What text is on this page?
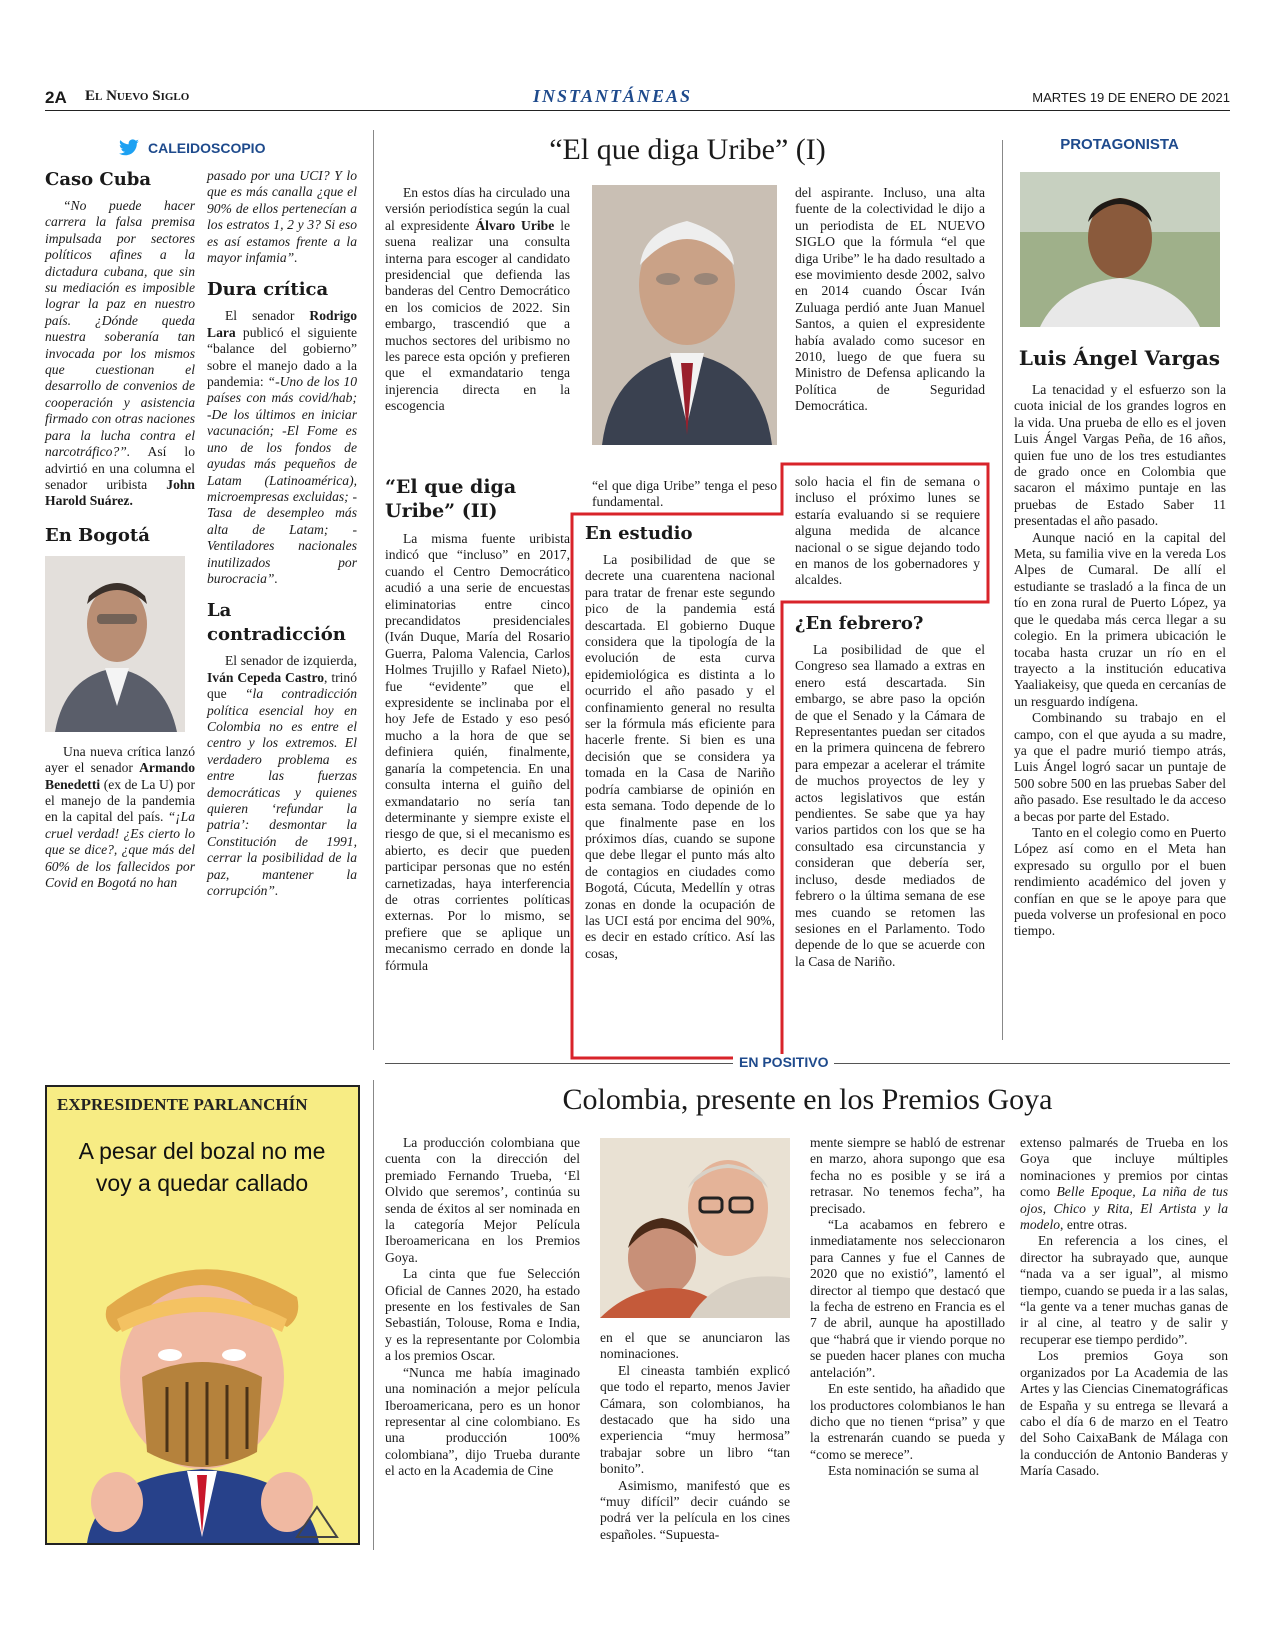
2A El Nuevo Siglo	INSTANTÁNEAS	MARTES 19 DE ENERO DE 2021
CALEIDOSCOPIO
Caso Cuba

“No puede hacer carrera la falsa premisa impulsada por sectores políticos afines a la dictadura cubana, que sin su mediación es imposible lograr la paz en nuestro país. ¿Dónde queda nuestra soberanía tan invocada por los mismos que cuestionan el desarrollo de convenios de cooperación y asistencia firmado con otras naciones para la lucha contra el narcotráfico?”. Así lo advirtió en una columna el senador uribista John Harold Suárez.

En Bogotá

Una nueva crítica lanzó ayer el senador Armando Benedetti (ex de La U) por el manejo de la pandemia en la capital del país. “¡La cruel verdad! ¿Es cierto lo que se dice?, ¿que más del 60% de los fallecidos por Covid en Bogotá no han

pasado por una UCI? Y lo que es más canalla ¿que el 90% de ellos pertenecían a los estratos 1, 2 y 3? Si eso es así estamos frente a la mayor infamia”.

Dura crítica

El senador Rodrigo Lara publicó el siguiente “balance del gobierno” sobre el manejo dado a la pandemia: “-Uno de los 10 países con más covid/hab; -De los últimos en iniciar vacunación; -El Fome es uno de los fondos de ayudas más pequeños de Latam (Latinoamérica), microempresas excluidas; -Tasa de desempleo más alta de Latam; -Ventiladores nacionales inutilizados por burocracia”.

La contradicción

El senador de izquierda, Iván Cepeda Castro, trinó que “la contradicción política esencial hoy en Colombia no es entre el centro y los extremos. El verdadero problema es entre las fuerzas democráticas y quienes quieren ‘refundar la patria’: desmontar la Constitución de 1991, cerrar la posibilidad de la paz, mantener la corrupción”.

“El que diga Uribe” (I)

En estos días ha circulado una versión periodística según la cual al expresidente Álvaro Uribe le suena realizar una consulta interna para escoger al candidato presidencial que defienda las banderas del Centro Democrático en los comicios de 2022. Sin embargo, trascendió que a muchos sectores del uribismo no les parece esta opción y prefieren que el exmandatario tenga injerencia directa en la escogencia

del aspirante. Incluso, una alta fuente de la colectividad le dijo a un periodista de EL NUEVO SIGLO que la fórmula “el que diga Uribe” le ha dado resultado a ese movimiento desde 2002, salvo en 2014 cuando Óscar Iván Zuluaga perdió ante Juan Manuel Santos, a quien el expresidente había avalado como sucesor en 2010, luego de que fuera su Ministro de Defensa aplicando la Política de Seguridad Democrática.

“El que diga Uribe” (II)

La misma fuente uribista indicó que “incluso” en 2017, cuando el Centro Democrático acudió a una serie de encuestas eliminatorias entre cinco precandidatos presidenciales (Iván Duque, María del Rosario Guerra, Paloma Valencia, Carlos Holmes Trujillo y Rafael Nieto), fue “evidente” que el expresidente se inclinaba por el hoy Jefe de Estado y eso pesó mucho a la hora de que se definiera quién, finalmente, ganaría la competencia. En una consulta interna el guiño del exmandatario no sería tan determinante y siempre existe el riesgo de que, si el mecanismo es abierto, es decir que pueden participar personas que no estén carnetizadas, haya interferencia de otras corrientes políticas externas. Por lo mismo, se prefiere que se aplique un mecanismo cerrado en donde la fórmula

“el que diga Uribe” tenga el peso fundamental.

En estudio

La posibilidad de que se decrete una cuarentena nacional para tratar de frenar este segundo pico de la pandemia está descartada. El gobierno Duque considera que la tipología de la evolución de esta curva epidemiológica es distinta a lo ocurrido el año pasado y el confinamiento general no resulta ser la fórmula más eficiente para hacerle frente. Si bien es una decisión que se considera ya tomada en la Casa de Nariño podría cambiarse de opinión en esta semana. Todo depende de lo que finalmente pase en los próximos días, cuando se supone que debe llegar el punto más alto de contagios en ciudades como Bogotá, Cúcuta, Medellín y otras zonas en donde la ocupación de las UCI está por encima del 90%, es decir en estado crítico. Así las cosas,

solo hacia el fin de semana o incluso el próximo lunes se estaría evaluando si se requiere alguna medida de alcance nacional o se sigue dejando todo en manos de los gobernadores y alcaldes.

¿En febrero?

La posibilidad de que el Congreso sea llamado a extras en enero está descartada. Sin embargo, se abre paso la opción de que el Senado y la Cámara de Representantes puedan ser citados en la primera quincena de febrero para empezar a acelerar el trámite de muchos proyectos de ley y actos legislativos que están pendientes. Se sabe que ya hay varios partidos con los que se ha consultado esa circunstancia y consideran que debería ser, incluso, desde mediados de febrero o la última semana de ese mes cuando se retomen las sesiones en el Parlamento. Todo depende de lo que se acuerde con la Casa de Nariño.

PROTAGONISTA
Luis Ángel Vargas

La tenacidad y el esfuerzo son la cuota inicial de los grandes logros en la vida. Una prueba de ello es el joven Luis Ángel Vargas Peña, de 16 años, quien fue uno de los tres estudiantes de grado once en Colombia que sacaron el máximo puntaje en las pruebas de Estado Saber 11 presentadas el año pasado.

Aunque nació en la capital del Meta, su familia vive en la vereda Los Alpes de Cumaral. De allí el estudiante se trasladó a la finca de un tío en zona rural de Puerto López, ya que le quedaba más cerca llegar a su colegio. En la primera ubicación le tocaba hasta cruzar un río en el trayecto a la institución educativa Yaaliakeisy, que queda en cercanías de un resguardo indígena.

Combinando su trabajo en el campo, con el que ayuda a su madre, ya que el padre murió tiempo atrás, Luis Ángel logró sacar un puntaje de 500 sobre 500 en las pruebas Saber del año pasado. Ese resultado le da acceso a becas por parte del Estado.

Tanto en el colegio como en Puerto López así como en el Meta han expresado su orgullo por el buen rendimiento académico del joven y confían en que se le apoye para que pueda volverse un profesional en poco tiempo.

EXPRESIDENTE PARLANCHÍN
A pesar del bozal no me voy a quedar callado
EN POSITIVO
Colombia, presente en los Premios Goya

La producción colombiana que cuenta con la dirección del premiado Fernando Trueba, ‘El Olvido que seremos’, continúa su senda de éxitos al ser nominada en la categoría Mejor Película Iberoamericana en los Premios Goya.

La cinta que fue Selección Oficial de Cannes 2020, ha estado presente en los festivales de San Sebastián, Tolouse, Roma e India, y es la representante por Colombia a los premios Oscar.

“Nunca me había imaginado una nominación a mejor película Iberoamericana, pero es un honor representar al cine colombiano. Es una producción 100% colombiana”, dijo Trueba durante el acto en la Academia de Cine

en el que se anunciaron las nominaciones.

El cineasta también explicó que todo el reparto, menos Javier Cámara, son colombianos, ha destacado que ha sido una experiencia “muy hermosa” trabajar sobre un libro “tan bonito”.

Asimismo, manifestó que es “muy difícil” decir cuándo se podrá ver la película en los cines españoles. “Supuesta-

mente siempre se habló de estrenar en marzo, ahora supongo que esa fecha no es posible y se irá a retrasar. No tenemos fecha”, ha precisado.

“La acabamos en febrero e inmediatamente nos seleccionaron para Cannes y fue el Cannes de 2020 que no existió”, lamentó el director al tiempo que destacó que la fecha de estreno en Francia es el 7 de abril, aunque ha apostillado que “habrá que ir viendo porque no se pueden hacer planes con mucha antelación”.

En este sentido, ha añadido que los productores colombianos le han dicho que no tienen “prisa” y que la estrenarán cuando se pueda y “como se merece”.

Esta nominación se suma al

extenso palmarés de Trueba en los Goya que incluye múltiples nominaciones y premios por cintas como Belle Epoque, La niña de tus ojos, Chico y Rita, El Artista y la modelo, entre otras.

En referencia a los cines, el director ha subrayado que, aunque “nada va a ser igual”, al mismo tiempo, cuando se pueda ir a las salas, “la gente va a tener muchas ganas de ir al cine, al teatro y de salir y recuperar ese tiempo perdido”.

Los premios Goya son organizados por La Academia de las Artes y las Ciencias Cinematográficas de España y su entrega se llevará a cabo el día 6 de marzo en el Teatro del Soho CaixaBank de Málaga con la conducción de Antonio Banderas y María Casado.
